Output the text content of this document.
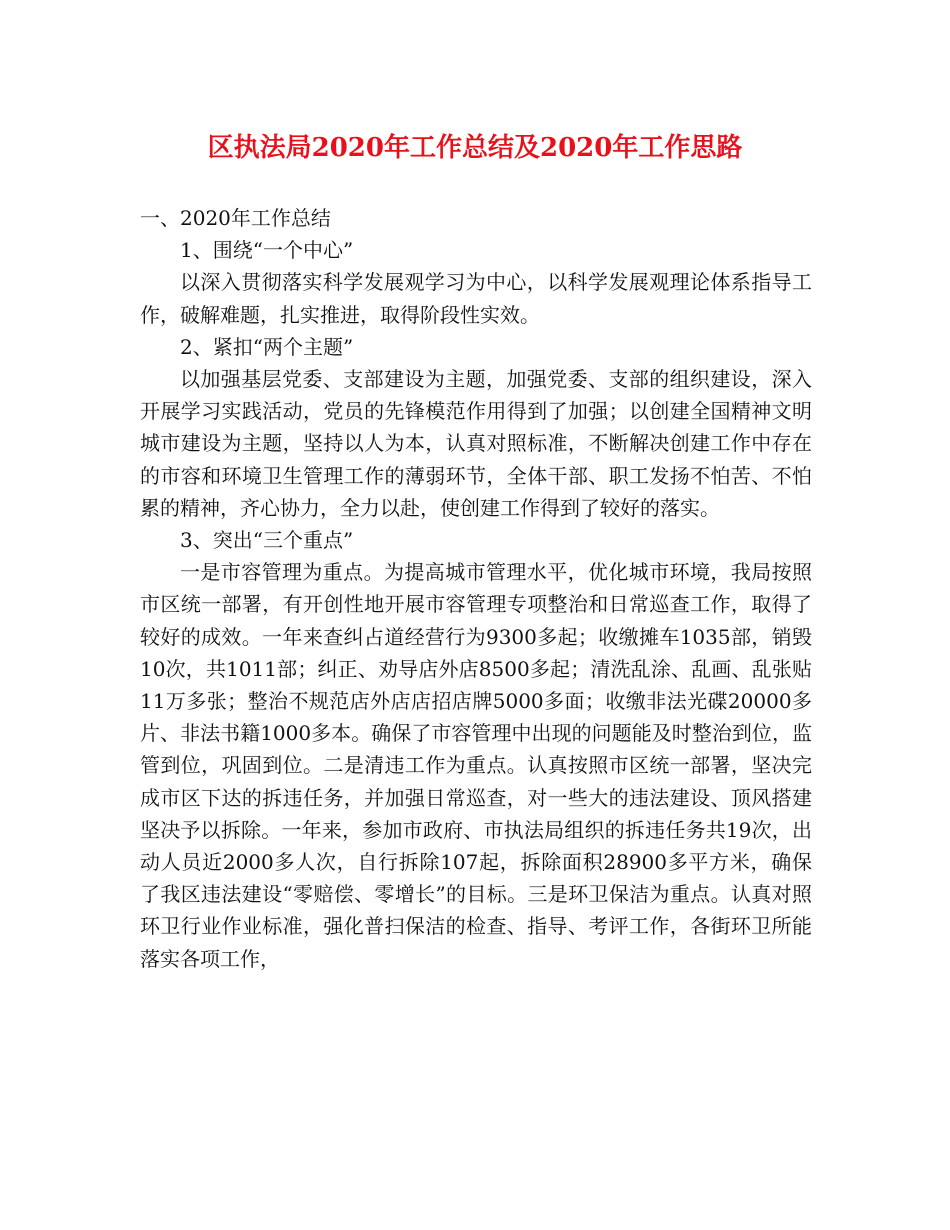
区执法局2020年工作总结及2020年工作思路

一、2020年工作总结

1、围绕“一个中心”

以深入贯彻落实科学发展观学习为中心，以科学发展观理论体系指导工作，破解难题，扎实推进，取得阶段性实效。

2、紧扣“两个主题”

以加强基层党委、支部建设为主题，加强党委、支部的组织建设，深入开展学习实践活动，党员的先锋模范作用得到了加强；以创建全国精神文明城市建设为主题，坚持以人为本，认真对照标准，不断解决创建工作中存在的市容和环境卫生管理工作的薄弱环节，全体干部、职工发扬不怕苦、不怕累的精神，齐心协力，全力以赴，使创建工作得到了较好的落实。

3、突出“三个重点”

一是市容管理为重点。为提高城市管理水平，优化城市环境，我局按照市区统一部署，有开创性地开展市容管理专项整治和日常巡查工作，取得了较好的成效。一年来查纠占道经营行为9300多起；收缴摊车1035部，销毁10次，共1011部；纠正、劝导店外店8500多起；清洗乱涂、乱画、乱张贴11万多张；整治不规范店外店店招店牌5000多面；收缴非法光碟20000多片、非法书籍1000多本。确保了市容管理中出现的问题能及时整治到位，监管到位，巩固到位。二是清违工作为重点。认真按照市区统一部署，坚决完成市区下达的拆违任务，并加强日常巡查，对一些大的违法建设、顶风搭建坚决予以拆除。一年来，参加市政府、市执法局组织的拆违任务共19次，出动人员近2000多人次，自行拆除107起，拆除面积28900多平方米，确保了我区违法建设“零赔偿、零增长”的目标。三是环卫保洁为重点。认真对照环卫行业作业标准，强化普扫保洁的检查、指导、考评工作，各街环卫所能落实各项工作，
